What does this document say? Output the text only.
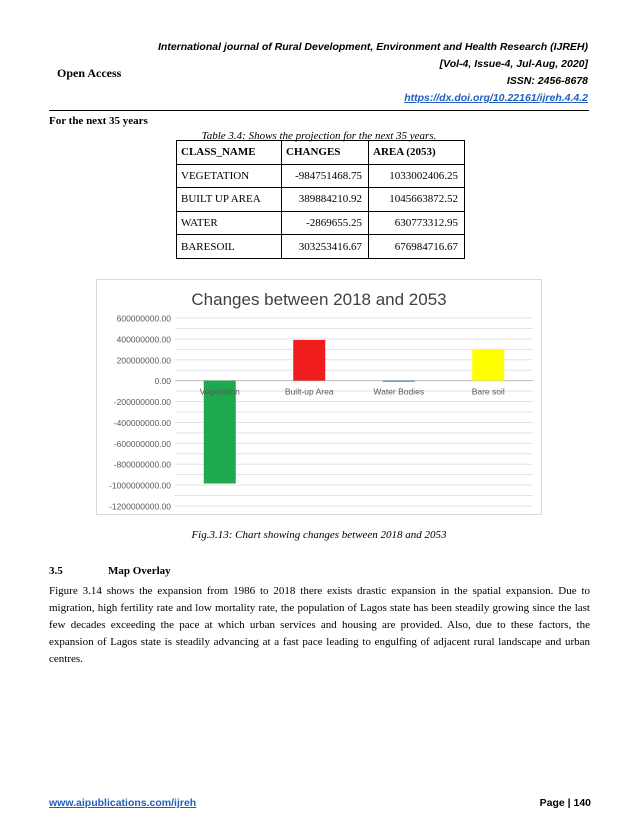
Open Access
International journal of Rural Development, Environment and Health Research (IJREH)
[Vol-4, Issue-4, Jul-Aug, 2020]
ISSN: 2456-8678
https://dx.doi.org/10.22161/ijreh.4.4.2
For the next 35 years
Table 3.4: Shows the projection for the next 35 years.
CLASS_NAME	CHANGES	AREA (2053)
VEGETATION	-984751468.75	1033002406.25
BUILT UP AREA	389884210.92	1045663872.52
WATER	-2869655.25	630773312.95
BARESOIL	303253416.67	676984716.67
Changes between 2018 and 2053
600000000.00
400000000.00
200000000.00
0.00
-200000000.00
-400000000.00
-600000000.00
-800000000.00
-1000000000.00
-1200000000.00
Vegetation	Built-up Area	Water Bodies	Bare soil
Fig.3.13: Chart showing changes between 2018 and 2053
3.5	Map Overlay

Figure 3.14 shows the expansion from 1986 to 2018 there exists drastic expansion in the spatial expansion. Due to migration, high fertility rate and low mortality rate, the population of Lagos state has been steadily growing since the last few decades exceeding the pace at which urban services and housing are provided. Also, due to these factors, the expansion of Lagos state is steadily advancing at a fast pace leading to engulfing of adjacent rural landscape and urban centres.

www.aipublications.com/ijreh	Page | 140
